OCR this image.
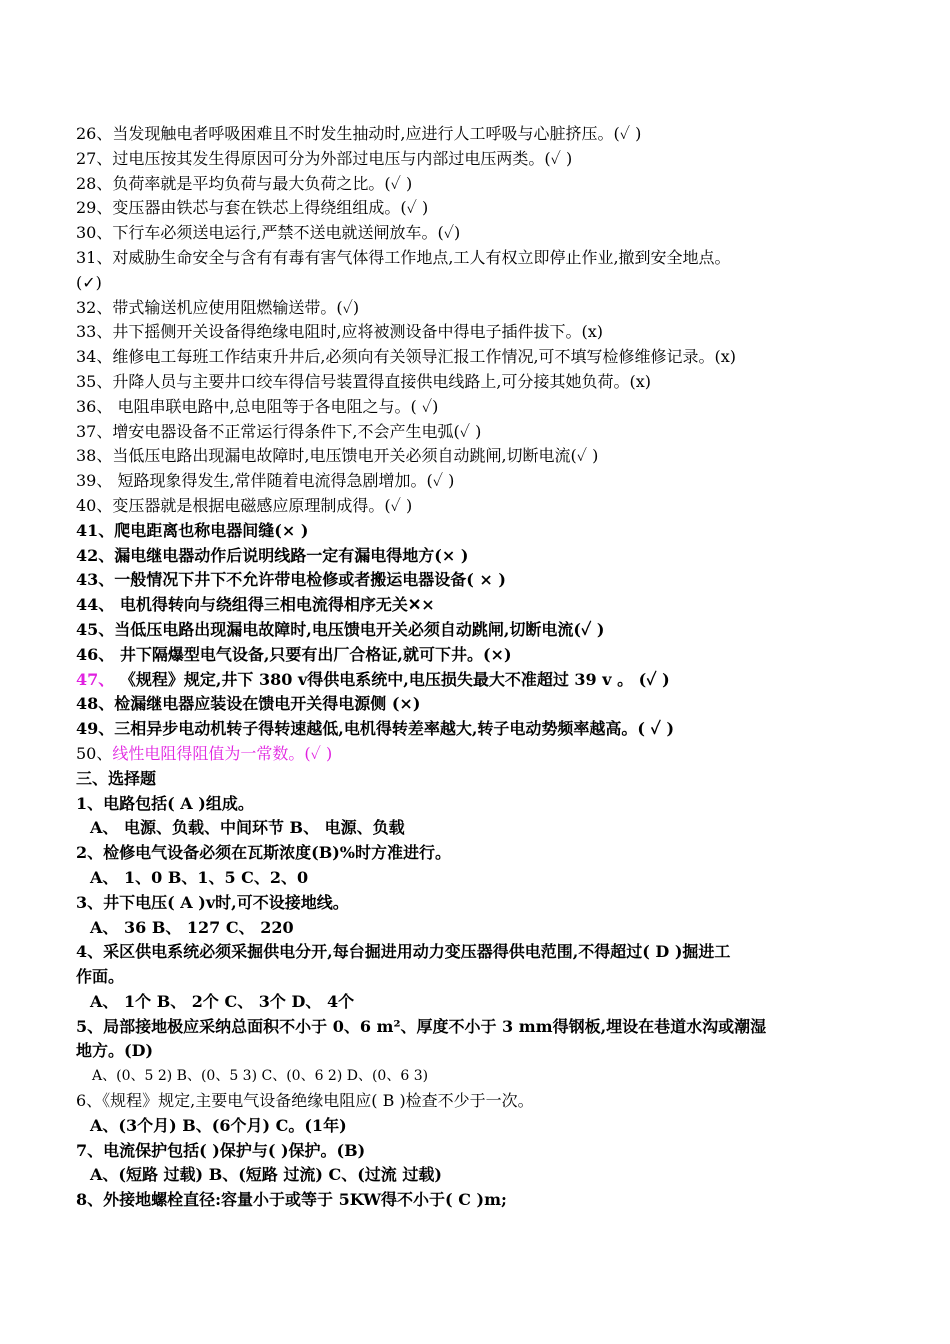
26、当发现触电者呼吸困难且不时发生抽动时,应进行人工呼吸与心脏挤压。(✓ )
27、过电压按其发生得原因可分为外部过电压与内部过电压两类。(✓ )
28、负荷率就是平均负荷与最大负荷之比。(✓ )
29、变压器由铁芯与套在铁芯上得绕组组成。(✓ )
30、下行车必须送电运行,严禁不送电就送闸放车。(✓)
31、对威胁生命安全与含有有毒有害气体得工作地点,工人有权立即停止作业,撤到安全地点。
(✓)
32、带式输送机应使用阻燃输送带。(✓)
33、井下摇侧开关设备得绝缘电阻时,应将被测设备中得电子插件拔下。(x)
34、维修电工每班工作结束升井后,必须向有关领导汇报工作情况,可不填写检修维修记录。(x)
35、升降人员与主要井口绞车得信号装置得直接供电线路上,可分接其她负荷。(x)
36、 电阻串联电路中,总电阻等于各电阻之与。( ✓)
37、增安电器设备不正常运行得条件下,不会产生电弧(✓ )
38、当低压电路出现漏电故障时,电压馈电开关必须自动跳闸,切断电流(✓ )
39、 短路现象得发生,常伴随着电流得急剧增加。(✓ )
40、变压器就是根据电磁感应原理制成得。(✓ )
41、爬电距离也称电器间缝(× )
42、漏电继电器动作后说明线路一定有漏电得地方(× )
43、一般情况下井下不允许带电检修或者搬运电器设备( × )
44、 电机得转向与绕组得三相电流得相序无关✕×
45、当低压电路出现漏电故障时,电压馈电开关必须自动跳闸,切断电流(✓ )
46、 井下隔爆型电气设备,只要有出厂合格证,就可下井。(×)
47、 《规程》规定,井下 380 v得供电系统中,电压损失最大不准超过 39 v 。 (✓ )
48、检漏继电器应装设在馈电开关得电源侧 (×)
49、三相异步电动机转子得转速越低,电机得转差率越大,转子电动势频率越高。( ✓ )
50、线性电阻得阻值为一常数。(✓ )
三、选择题
1、电路包括( A )组成。
A、 电源、负载、中间环节 B、 电源、负载
2、检修电气设备必须在瓦斯浓度(B)%时方准进行。
A、 1、0 B、1、5 C、2、0
3、井下电压( A )v时,可不设接地线。
A、 36 B、 127 C、 220
4、采区供电系统必须采掘供电分开,每台掘进用动力变压器得供电范围,不得超过( D )掘进工
作面。
A、 1个 B、 2个 C、 3个 D、 4个
5、局部接地极应采纳总面积不小于 0、6 m²、厚度不小于 3 mm得钢板,埋设在巷道水沟或潮湿
地方。(D)
A、(0、5 2) B、(0、5 3) C、(0、6 2) D、(0、6 3)
6、《规程》规定,主要电气设备绝缘电阻应( B )检查不少于一次。
A、(3个月) B、(6个月) C。(1年)
7、电流保护包括( )保护与( )保护。(B)
A、(短路 过载) B、(短路 过流) C、(过流 过载)
8、外接地螺栓直径:容量小于或等于 5KW得不小于( C )m;
